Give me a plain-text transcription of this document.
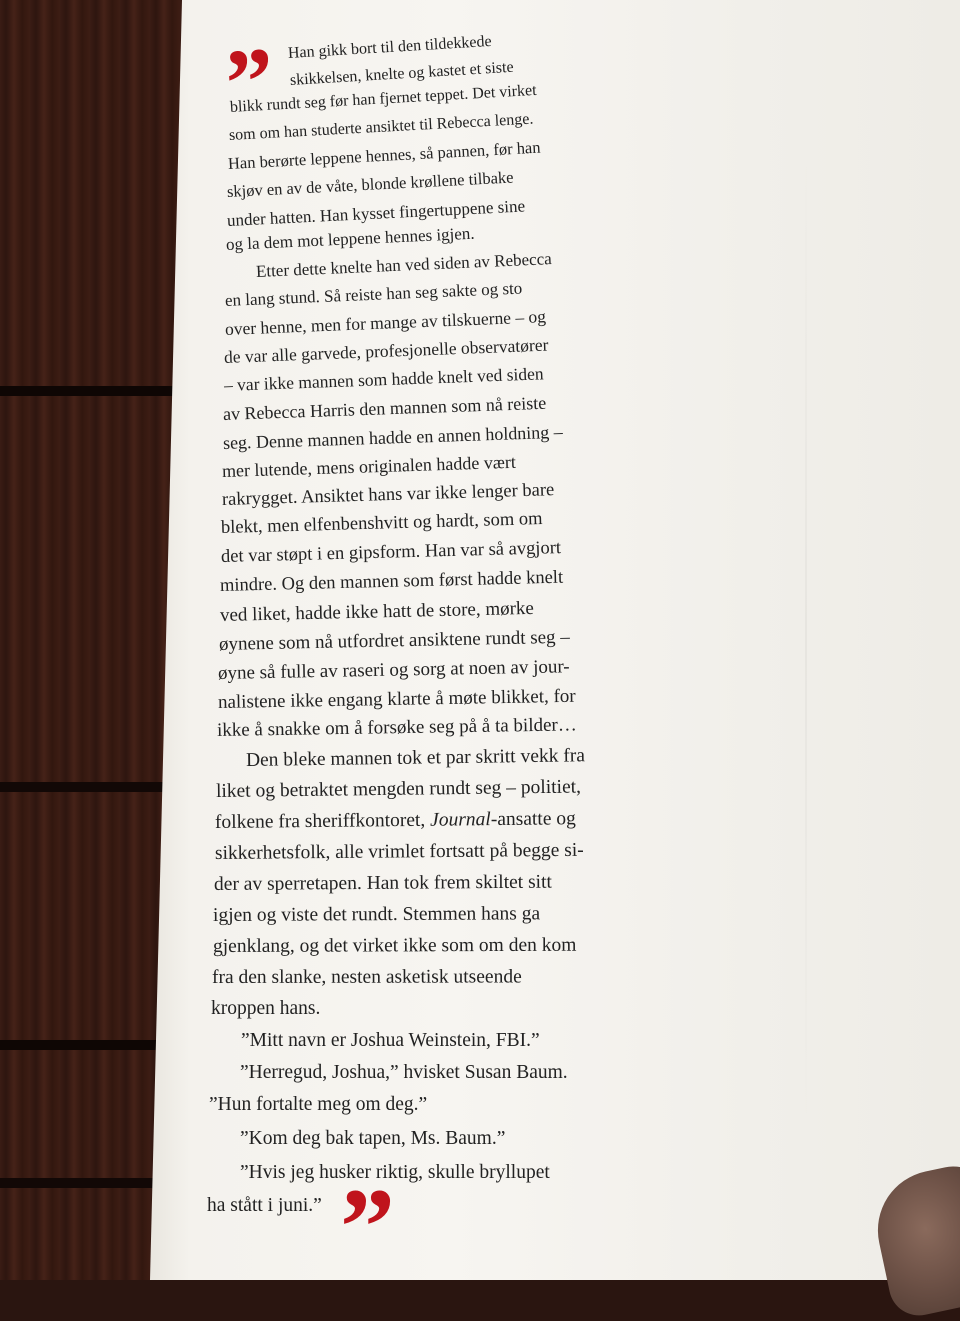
” Han gikk bort til den tildekkede
skikkelsen, knelte og kastet et siste
blikk rundt seg før han fjernet teppet. Det virket
som om han studerte ansiktet til Rebecca lenge.
Han berørte leppene hennes, så pannen, før han
skjøv en av de våte, blonde krøllene tilbake
under hatten. Han kysset fingertuppene sine
og la dem mot leppene hennes igjen.
Etter dette knelte han ved siden av Rebecca
en lang stund. Så reiste han seg sakte og sto
over henne, men for mange av tilskuerne – og
de var alle garvede, profesjonelle observatører
– var ikke mannen som hadde knelt ved siden
av Rebecca Harris den mannen som nå reiste
seg. Denne mannen hadde en annen holdning –
mer lutende, mens originalen hadde vært
rakrygget. Ansiktet hans var ikke lenger bare
blekt, men elfenbenshvitt og hardt, som om
det var støpt i en gipsform. Han var så avgjort
mindre. Og den mannen som først hadde knelt
ved liket, hadde ikke hatt de store, mørke
øynene som nå utfordret ansiktene rundt seg –
øyne så fulle av raseri og sorg at noen av jour-
nalistene ikke engang klarte å møte blikket, for
ikke å snakke om å forsøke seg på å ta bilder…
Den bleke mannen tok et par skritt vekk fra
liket og betraktet mengden rundt seg – politiet,
folkene fra sheriffkontoret, Journal-ansatte og
sikkerhetsfolk, alle vrimlet fortsatt på begge si-
der av sperretapen. Han tok frem skiltet sitt
igjen og viste det rundt. Stemmen hans ga
gjenklang, og det virket ikke som om den kom
fra den slanke, nesten asketisk utseende
kroppen hans.
”Mitt navn er Joshua Weinstein, FBI.”
”Herregud, Joshua,” hvisket Susan Baum.
”Hun fortalte meg om deg.”
”Kom deg bak tapen, Ms. Baum.”
”Hvis jeg husker riktig, skulle bryllupet
ha stått i juni.” ”
